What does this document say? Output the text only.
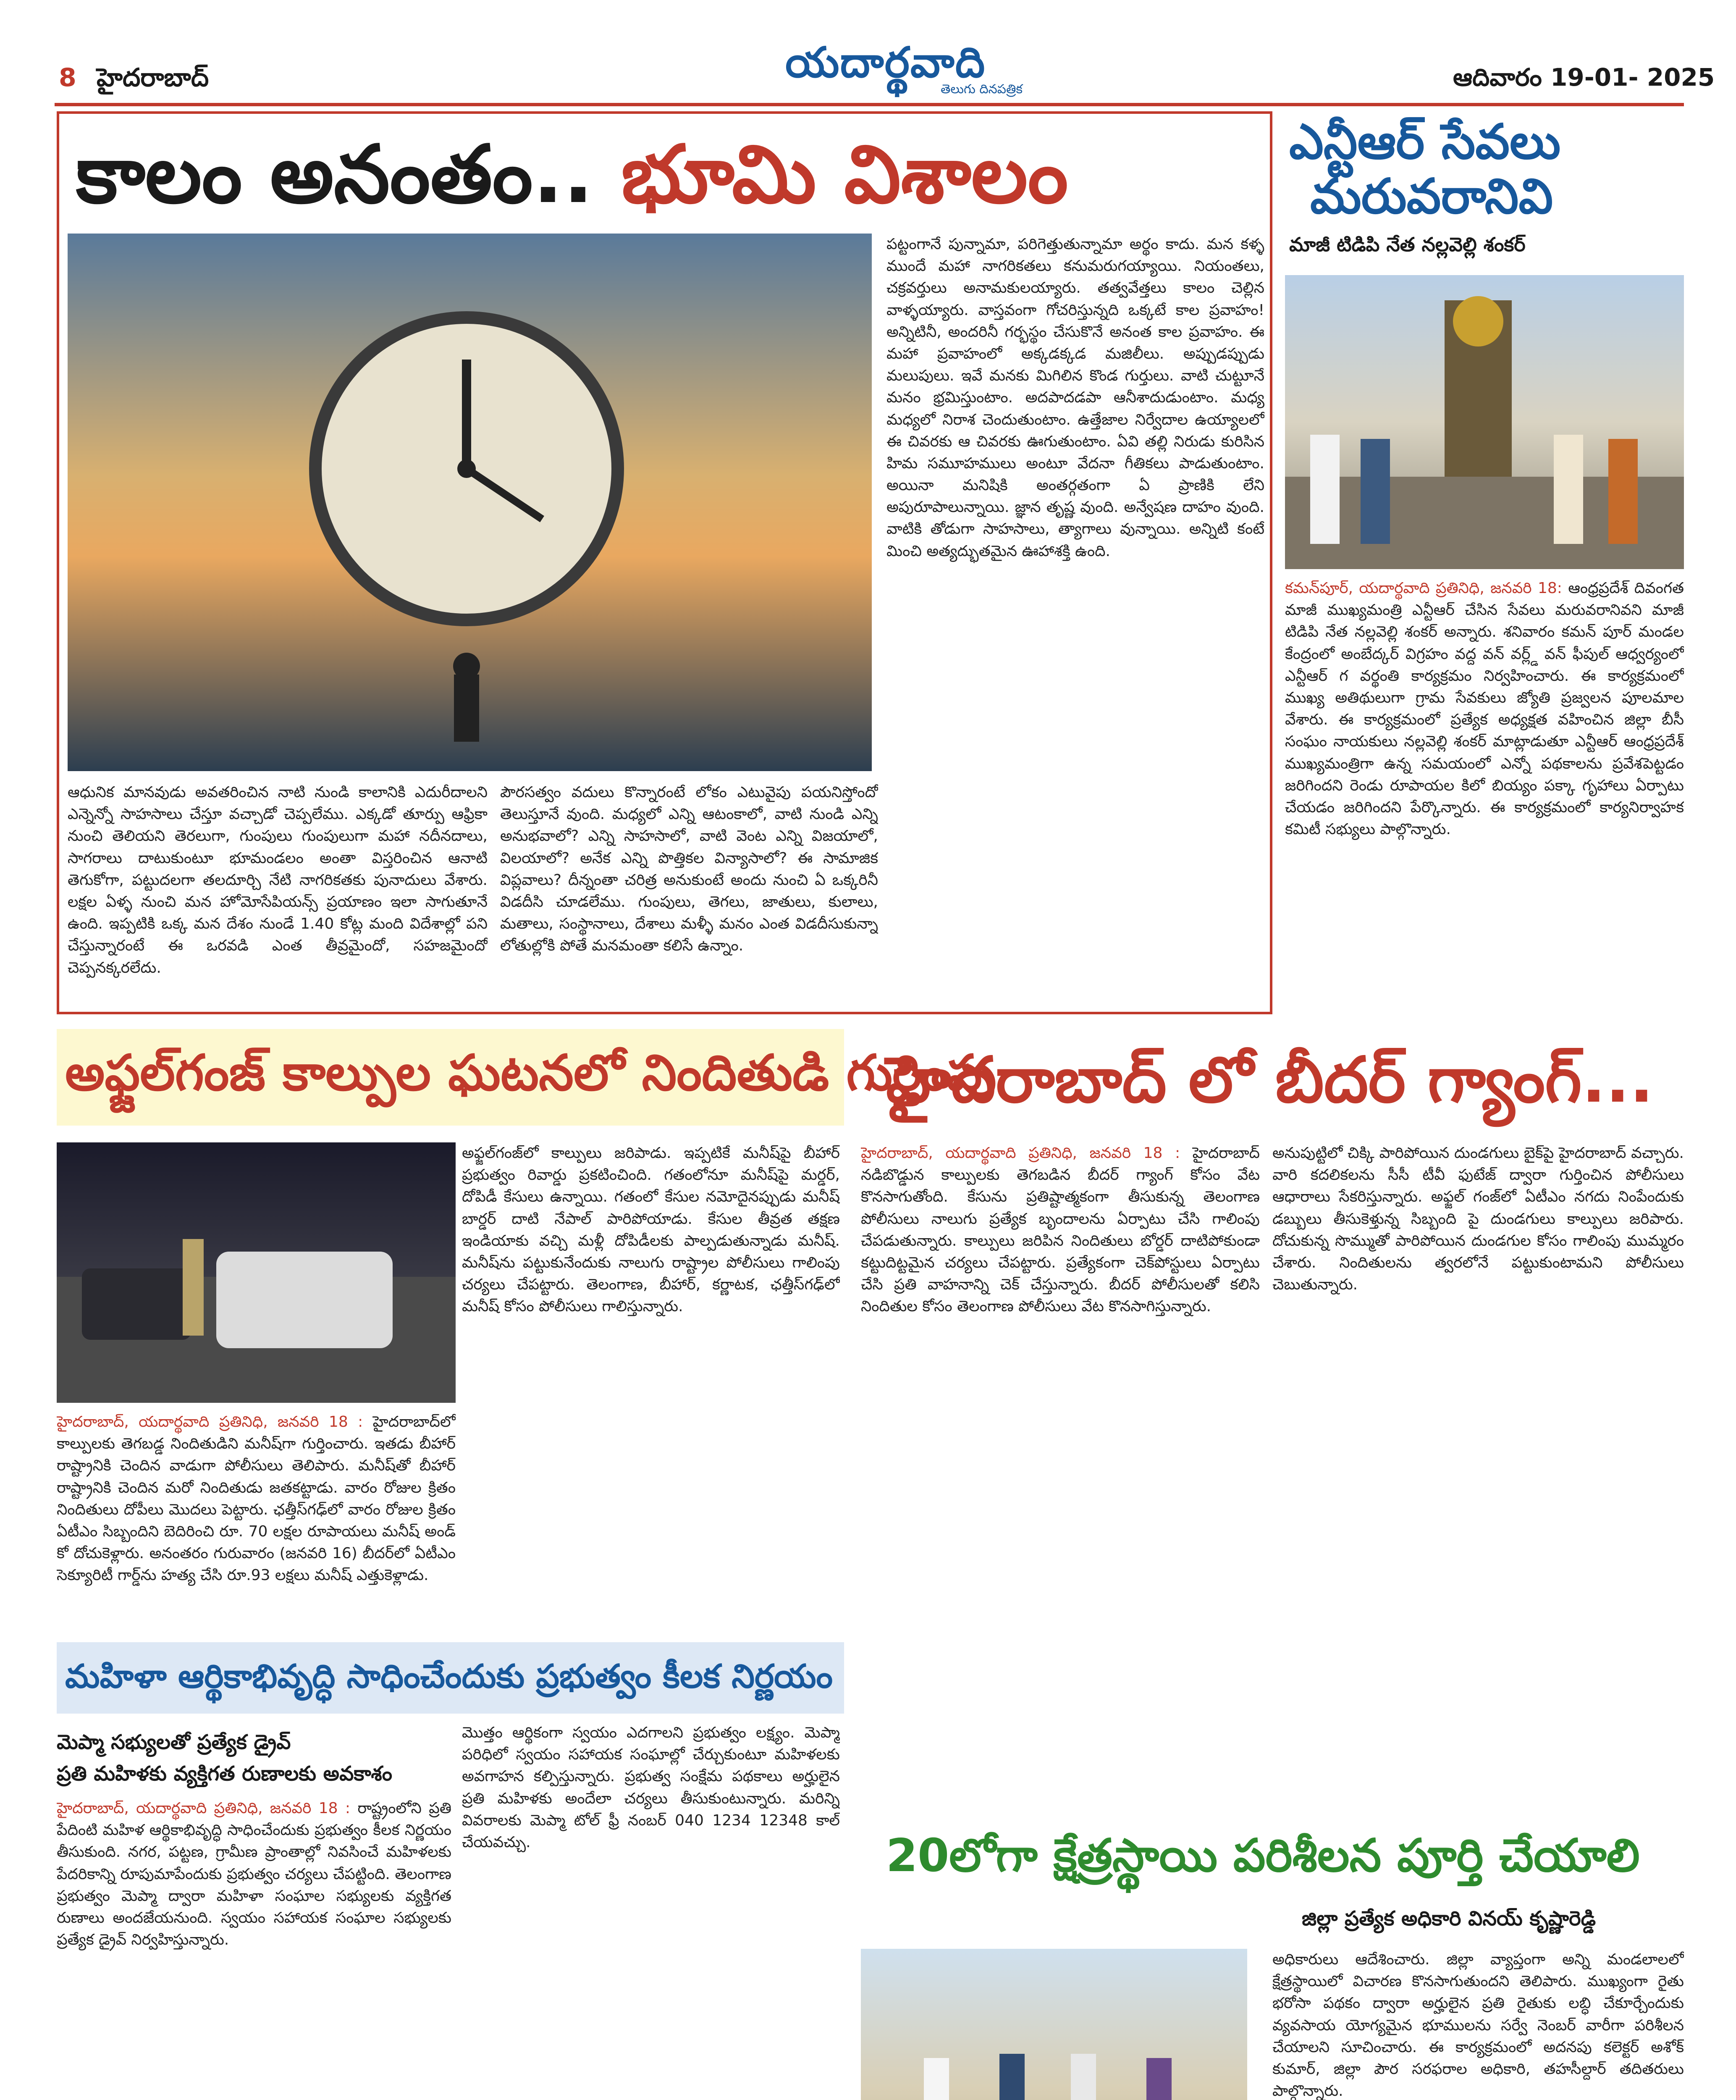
8 హైదరాబాద్	యదార్థవాది
తెలుగు దినపత్రిక	ఆదివారం 19-01- 2025
కాలం అనంతం.. భూమి విశాలం
పట్టంగానే పున్నామా, పరిగెత్తుతున్నామా అర్థం కాదు. మన కళ్ళ ముందే మహా నాగరికతలు కనుమరుగయ్యాయి. నియంతలు, చక్రవర్తులు అనామకులయ్యారు. తత్వవేత్తలు కాలం చెల్లిన వాళ్ళయ్యారు. వాస్తవంగా గోచరిస్తున్నది ఒక్కటే కాల ప్రవాహం! అన్నిటినీ, అందరినీ గర్భస్థం చేసుకొనే అనంత కాల ప్రవాహం. ఈ మహా ప్రవాహంలో అక్కడక్కడ మజిలీలు. అప్పుడప్పుడు మలుపులు. ఇవే మనకు మిగిలిన కొండ గుర్తులు. వాటి చుట్టూనే మనం భ్రమిస్తుంటాం. అదపాదడపా ఆనీశాదుడుంటాం. మధ్య మధ్యలో నిరాశ చెందుతుంటాం. ఉత్తేజాల నిర్వేదాల ఉయ్యాలలో ఈ చివరకు ఆ చివరకు ఊగుతుంటాం. ఏవి తల్లి నిరుడు కురిసిన హిమ సమూహములు అంటూ వేదనా గీతికలు పాడుతుంటాం. అయినా మనిషికి అంతర్గతంగా ఏ ప్రాణికి లేని అపురూపాలున్నాయి. జ్ఞాన తృష్ణ వుంది. అన్వేషణ దాహం వుంది. వాటికి తోడుగా సాహసాలు, త్యాగాలు వున్నాయి. అన్నిటి కంటే మించి అత్యద్భుతమైన ఊహాశక్తి ఉంది.
ఆధునిక మానవుడు అవతరించిన నాటి నుండి కాలానికి ఎదురీదాలని ఎన్నెన్నో సాహసాలు చేస్తూ వచ్చాడో చెప్పలేము. ఎక్కడో తూర్పు ఆఫ్రికా నుంచి తెలియని తెరలుగా, గుంపులు గుంపులుగా మహా నదీనదాలు, సాగరాలు దాటుకుంటూ భూమండలం అంతా విస్తరించిన ఆనాటి తెగుకోగా, పట్టుదలగా తలదూర్చి నేటి నాగరికతకు పునాదులు వేశారు. లక్షల ఏళ్ళ నుంచి మన హోమోసేపియన్స్ ప్రయాణం ఇలా సాగుతూనే ఉంది. ఇప్పటికి ఒక్క మన దేశం నుండే 1.40 కోట్ల మంది విదేశాల్లో పని చేస్తున్నారంటే ఈ ఒరవడి ఎంత తీవ్రమైందో, సహజమైందో చెప్పనక్కరలేదు.
పౌరసత్వం వదులు కొన్నారంటే లోకం ఎటువైపు పయనిస్తోందో తెలుస్తూనే వుంది. మధ్యలో ఎన్ని ఆటంకాలో, వాటి నుండి ఎన్ని అనుభవాలో? ఎన్ని సాహసాలో, వాటి వెంట ఎన్ని విజయాలో, విలయాలో? అనేక ఎన్ని పొత్తికల విన్యాసాలో? ఈ సామాజిక విప్లవాలు? దీన్నంతా చరిత్ర అనుకుంటే అందు నుంచి ఏ ఒక్కరినీ విడదీసి చూడలేము. గుంపులు, తెగలు, జాతులు, కులాలు, మతాలు, సంస్థానాలు, దేశాలు మళ్ళీ మనం ఎంత విడదీసుకున్నా లోతుల్లోకి పోతే మనమంతా కలిసే ఉన్నాం.
ఎన్టీఆర్ సేవలు
మరువరానివి
మాజీ టిడిపి నేత నల్లవెల్లి శంకర్
కమన్‌పూర్, యదార్థవాది ప్రతినిధి, జనవరి 18: ఆంధ్రప్రదేశ్ దివంగత మాజీ ముఖ్యమంత్రి ఎన్టీఆర్ చేసిన సేవలు మరువరానివని మాజీ టిడిపి నేత నల్లవెల్లి శంకర్ అన్నారు. శనివారం కమన్ పూర్ మండల కేంద్రంలో అంబేద్కర్ విగ్రహం వద్ద వన్ వర్ల్డ్ వన్ ఫీపుల్ ఆధ్వర్యంలో ఎన్టీఆర్ గ వర్థంతి కార్యక్రమం నిర్వహించారు. ఈ కార్యక్రమంలో ముఖ్య అతిథులుగా గ్రామ సేవకులు జ్యోతి ప్రజ్వలన పూలమాల వేశారు. ఈ కార్యక్రమంలో ప్రత్యేక అధ్యక్షత వహించిన జిల్లా బీసీ సంఘం నాయకులు నల్లవెల్లి శంకర్ మాట్లాడుతూ ఎన్టీఆర్ ఆంధ్రప్రదేశ్ ముఖ్యమంత్రిగా ఉన్న సమయంలో ఎన్నో పథకాలను ప్రవేశపెట్టడం జరిగిందని రెండు రూపాయల కిలో బియ్యం పక్కా గృహాలు ఏర్పాటు చేయడం జరిగిందని పేర్కొన్నారు. ఈ కార్యక్రమంలో కార్యనిర్వాహక కమిటీ సభ్యులు పాల్గొన్నారు.
అఫ్జల్‌గంజ్ కాల్పుల ఘటనలో నిందితుడి గుర్తింపు
అఫ్జల్‌గంజ్‌లో కాల్పులు జరిపాడు. ఇప్పటికే మనీష్‌పై బీహార్ ప్రభుత్వం రివార్డు ప్రకటించింది. గతంలోనూ మనీష్‌పై మర్డర్, దోపిడీ కేసులు ఉన్నాయి. గతంలో కేసుల నమోదైనప్పుడు మనీష్ బార్డర్ దాటి నేపాల్ పారిపోయాడు. కేసుల తీవ్రత తక్షణ ఇండియాకు వచ్చి మళ్లీ దోపిడీలకు పాల్పడుతున్నాడు మనీష్. మనీష్‌ను పట్టుకునేందుకు నాలుగు రాష్ట్రాల పోలీసులు గాలింపు చర్యలు చేపట్టారు. తెలంగాణ, బీహార్, కర్ణాటక, ఛత్తీస్‌గఢ్‌లో మనీష్ కోసం పోలీసులు గాలిస్తున్నారు.
హైదరాబాద్, యదార్థవాది ప్రతినిధి, జనవరి 18 : హైదరాబాద్‌లో కాల్పులకు తెగబడ్డ నిందితుడిని మనీష్‌గా గుర్తించారు. ఇతడు బీహార్ రాష్ట్రానికి చెందిన వాడుగా పోలీసులు తెలిపారు. మనీష్‌తో బీహార్ రాష్ట్రానికి చెందిన మరో నిందితుడు జతకట్టాడు. వారం రోజుల క్రితం నిందితులు దోపీలు మొదలు పెట్టారు. ఛత్తీస్‌గఢ్‌లో వారం రోజుల క్రితం ఏటీఎం సిబ్బందిని బెదిరించి రూ. 70 లక్షల రూపాయలు మనీష్ అండ్ కో దోచుకెళ్లారు. అనంతరం గురువారం (జనవరి 16) బీదర్‌లో ఏటీఎం సెక్యూరిటీ గార్డ్‌ను హత్య చేసి రూ.93 లక్షలు మనీష్ ఎత్తుకెళ్లాడు.
హైదరాబాద్ లో బీదర్ గ్యాంగ్...
హైదరాబాద్, యదార్థవాది ప్రతినిధి, జనవరి 18 : హైదరాబాద్ నడిబొడ్డున కాల్పులకు తెగబడిన బీదర్ గ్యాంగ్ కోసం వేట కొనసాగుతోంది. కేసును ప్రతిష్టాత్మకంగా తీసుకున్న తెలంగాణ పోలీసులు నాలుగు ప్రత్యేక బృందాలను ఏర్పాటు చేసి గాలింపు చేపడుతున్నారు. కాల్పులు జరిపిన నిందితులు బోర్డర్ దాటిపోకుండా కట్టుదిట్టమైన చర్యలు చేపట్టారు. ప్రత్యేకంగా చెక్‌పోస్టులు ఏర్పాటు చేసి ప్రతి వాహనాన్ని చెక్ చేస్తున్నారు. బీదర్ పోలీసులతో కలిసి నిందితుల కోసం తెలంగాణ పోలీసులు వేట కొనసాగిస్తున్నారు.
అనుపుట్టిలో చిక్కి పారిపోయిన దుండగులు బైక్‌పై హైదరాబాద్ వచ్చారు. వారి కదలికలను సీసీ టీవీ ఫుటేజ్ ద్వారా గుర్తించిన పోలీసులు ఆధారాలు సేకరిస్తున్నారు. అఫ్జల్ గంజ్‌లో ఏటీఎం నగదు నింపేందుకు డబ్బులు తీసుకెళ్తున్న సిబ్బంది పై దుండగులు కాల్పులు జరిపారు. దోచుకున్న సొమ్ముతో పారిపోయిన దుండగుల కోసం గాలింపు ముమ్మరం చేశారు. నిందితులను త్వరలోనే పట్టుకుంటామని పోలీసులు చెబుతున్నారు.
మహిళా ఆర్థికాభివృద్ధి సాధించేందుకు ప్రభుత్వం కీలక నిర్ణయం
మెప్మా సభ్యులతో ప్రత్యేక డ్రైవ్
ప్రతి మహిళకు వ్యక్తిగత రుణాలకు అవకాశం
హైదరాబాద్, యదార్థవాది ప్రతినిధి, జనవరి 18 : రాష్ట్రంలోని ప్రతి పేదింటి మహిళ ఆర్థికాభివృద్ధి సాధించేందుకు ప్రభుత్వం కీలక నిర్ణయం తీసుకుంది. నగర, పట్టణ, గ్రామీణ ప్రాంతాల్లో నివసించే మహిళలకు పేదరికాన్ని రూపుమాపేందుకు ప్రభుత్వం చర్యలు చేపట్టింది. తెలంగాణ ప్రభుత్వం మెప్మా ద్వారా మహిళా సంఘాల సభ్యులకు వ్యక్తిగత రుణాలు అందజేయనుంది. స్వయం సహాయక సంఘాల సభ్యులకు ప్రత్యేక డ్రైవ్ నిర్వహిస్తున్నారు.
మొత్తం ఆర్థికంగా స్వయం ఎదగాలని ప్రభుత్వం లక్ష్యం. మెప్మా పరిధిలో స్వయం సహాయక సంఘాల్లో చేర్చుకుంటూ మహిళలకు అవగాహన కల్పిస్తున్నారు. ప్రభుత్వ సంక్షేమ పథకాలు అర్హులైన ప్రతి మహిళకు అందేలా చర్యలు తీసుకుంటున్నారు. మరిన్ని వివరాలకు మెప్మా టోల్ ఫ్రీ నంబర్ 040 1234 12348 కాల్ చేయవచ్చు.	20లోగా క్షేత్రస్థాయి పరిశీలన పూర్తి చేయాలి
జిల్లా ప్రత్యేక అధికారి వినయ్ కృష్ణారెడ్డి
అధికారులు ఆదేశించారు. జిల్లా వ్యాప్తంగా అన్ని మండలాలలో క్షేత్రస్థాయిలో విచారణ కొనసాగుతుందని తెలిపారు. ముఖ్యంగా రైతు భరోసా పథకం ద్వారా అర్హులైన ప్రతి రైతుకు లబ్ధి చేకూర్చేందుకు వ్యవసాయ యోగ్యమైన భూములను సర్వే నెంబర్ వారీగా పరిశీలన చేయాలని సూచించారు. ఈ కార్యక్రమంలో అదనపు కలెక్టర్ అశోక్ కుమార్, జిల్లా పౌర సరఫరాల అధికారి, తహసీల్దార్ తదితరులు పాల్గొన్నారు.
